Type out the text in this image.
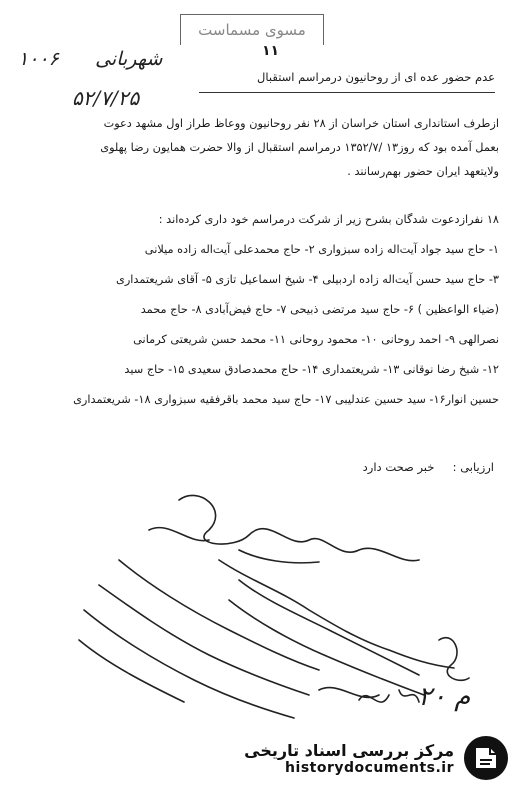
مسوی مسماست
۱۱
۱۰۰۶ شهربانی
۵۲/۷/۲۵
عدم حضور عده ای از روحانیون درمراسم استقبال

ازطرف استانداری استان خراسان از ۲۸ نفر روحانیون ووعاظ طراز اول مشهد دعوت

بعمل آمده بود که روز۱۳ /۱۳۵۲/۷ درمراسم استقبال از والا حضرت همایون رضا پهلوی

ولایتعهد ایران حضور بهم‌رسانند .

۱۸ نفرازدعوت شدگان بشرح زیر از شرکت درمراسم خود داری کرده‌اند :
۱- حاج سید جواد آیت‌اله زاده سبزواری ۲- حاج محمدعلی آیت‌اله زاده میلانی
۳- حاج سید حسن آیت‌اله زاده اردبیلی ۴- شیخ اسماعیل تازی ۵- آقای شریعتمداری
(ضیاء الواعظین ) ۶- حاج سید مرتضی ذبیحی ۷- حاج فیض‌آبادی ۸- حاج محمد
نصرالهی ۹- احمد روحانی ۱۰- محمود روحانی ۱۱- محمد حسن شریعتی کرمانی
۱۲- شیخ رضا نوقانی ۱۳- شریعتمداری ۱۴- حاج محمدصادق سعیدی ۱۵- حاج سید
حسین انوار۱۶- سید حسین عندلیبی ۱۷- حاج سید محمد باقرفقیه سبزواری ۱۸- شریعتمداری
ارزیابی :     خبر صحت دارد
م ٢٠
مرکز بررسی اسناد تاریخی
historydocuments.ir
